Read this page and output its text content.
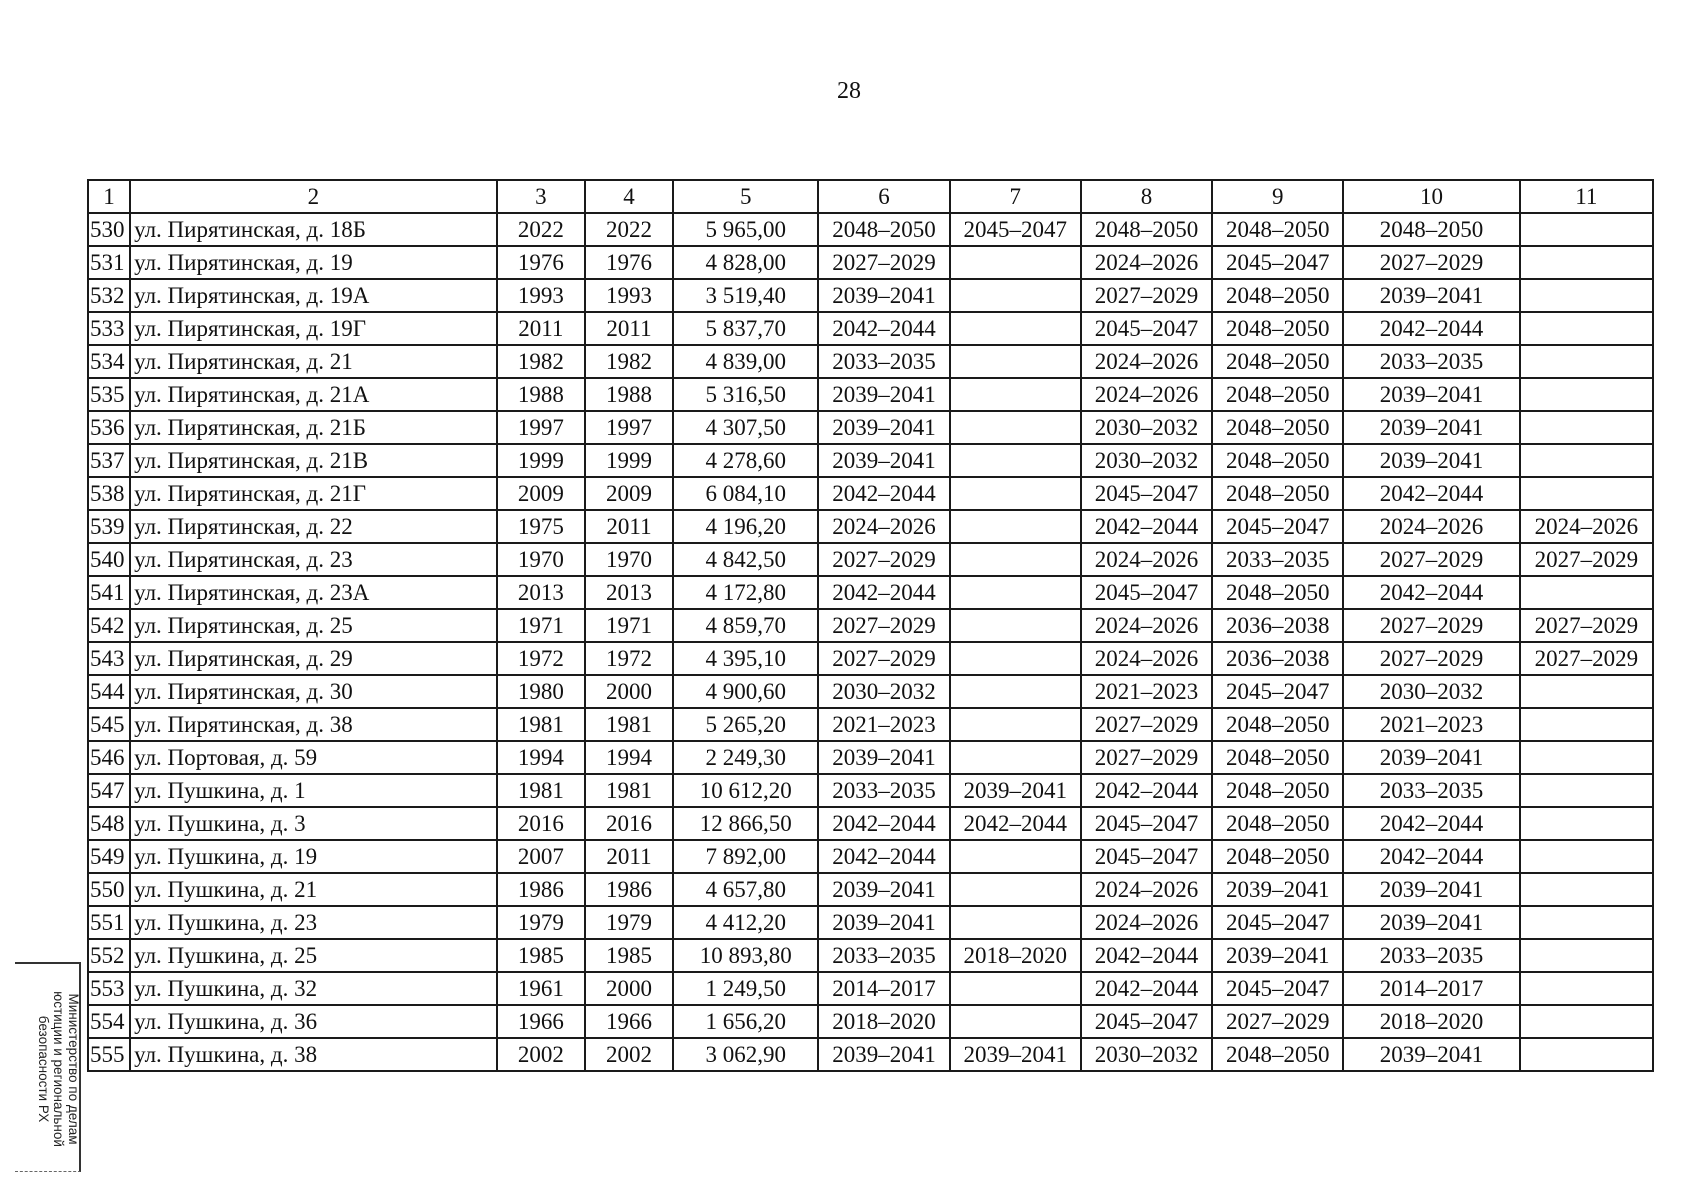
28
1	2	3	4	5	6	7	8	9	10	11
530	ул. Пирятинская, д. 18Б	2022	2022	5 965,00	2048–2050	2045–2047	2048–2050	2048–2050	2048–2050	
531	ул. Пирятинская, д. 19	1976	1976	4 828,00	2027–2029		2024–2026	2045–2047	2027–2029	
532	ул. Пирятинская, д. 19А	1993	1993	3 519,40	2039–2041		2027–2029	2048–2050	2039–2041	
533	ул. Пирятинская, д. 19Г	2011	2011	5 837,70	2042–2044		2045–2047	2048–2050	2042–2044	
534	ул. Пирятинская, д. 21	1982	1982	4 839,00	2033–2035		2024–2026	2048–2050	2033–2035	
535	ул. Пирятинская, д. 21А	1988	1988	5 316,50	2039–2041		2024–2026	2048–2050	2039–2041	
536	ул. Пирятинская, д. 21Б	1997	1997	4 307,50	2039–2041		2030–2032	2048–2050	2039–2041	
537	ул. Пирятинская, д. 21В	1999	1999	4 278,60	2039–2041		2030–2032	2048–2050	2039–2041	
538	ул. Пирятинская, д. 21Г	2009	2009	6 084,10	2042–2044		2045–2047	2048–2050	2042–2044	
539	ул. Пирятинская, д. 22	1975	2011	4 196,20	2024–2026		2042–2044	2045–2047	2024–2026	2024–2026
540	ул. Пирятинская, д. 23	1970	1970	4 842,50	2027–2029		2024–2026	2033–2035	2027–2029	2027–2029
541	ул. Пирятинская, д. 23А	2013	2013	4 172,80	2042–2044		2045–2047	2048–2050	2042–2044	
542	ул. Пирятинская, д. 25	1971	1971	4 859,70	2027–2029		2024–2026	2036–2038	2027–2029	2027–2029
543	ул. Пирятинская, д. 29	1972	1972	4 395,10	2027–2029		2024–2026	2036–2038	2027–2029	2027–2029
544	ул. Пирятинская, д. 30	1980	2000	4 900,60	2030–2032		2021–2023	2045–2047	2030–2032	
545	ул. Пирятинская, д. 38	1981	1981	5 265,20	2021–2023		2027–2029	2048–2050	2021–2023	
546	ул. Портовая, д. 59	1994	1994	2 249,30	2039–2041		2027–2029	2048–2050	2039–2041	
547	ул. Пушкина, д. 1	1981	1981	10 612,20	2033–2035	2039–2041	2042–2044	2048–2050	2033–2035	
548	ул. Пушкина, д. 3	2016	2016	12 866,50	2042–2044	2042–2044	2045–2047	2048–2050	2042–2044	
549	ул. Пушкина, д. 19	2007	2011	7 892,00	2042–2044		2045–2047	2048–2050	2042–2044	
550	ул. Пушкина, д. 21	1986	1986	4 657,80	2039–2041		2024–2026	2039–2041	2039–2041	
551	ул. Пушкина, д. 23	1979	1979	4 412,20	2039–2041		2024–2026	2045–2047	2039–2041	
552	ул. Пушкина, д. 25	1985	1985	10 893,80	2033–2035	2018–2020	2042–2044	2039–2041	2033–2035	
553	ул. Пушкина, д. 32	1961	2000	1 249,50	2014–2017		2042–2044	2045–2047	2014–2017	
554	ул. Пушкина, д. 36	1966	1966	1 656,20	2018–2020		2045–2047	2027–2029	2018–2020	
555	ул. Пушкина, д. 38	2002	2002	3 062,90	2039–2041	2039–2041	2030–2032	2048–2050	2039–2041	
Министерство по делам
юстиции и региональной
безопасности РХ
